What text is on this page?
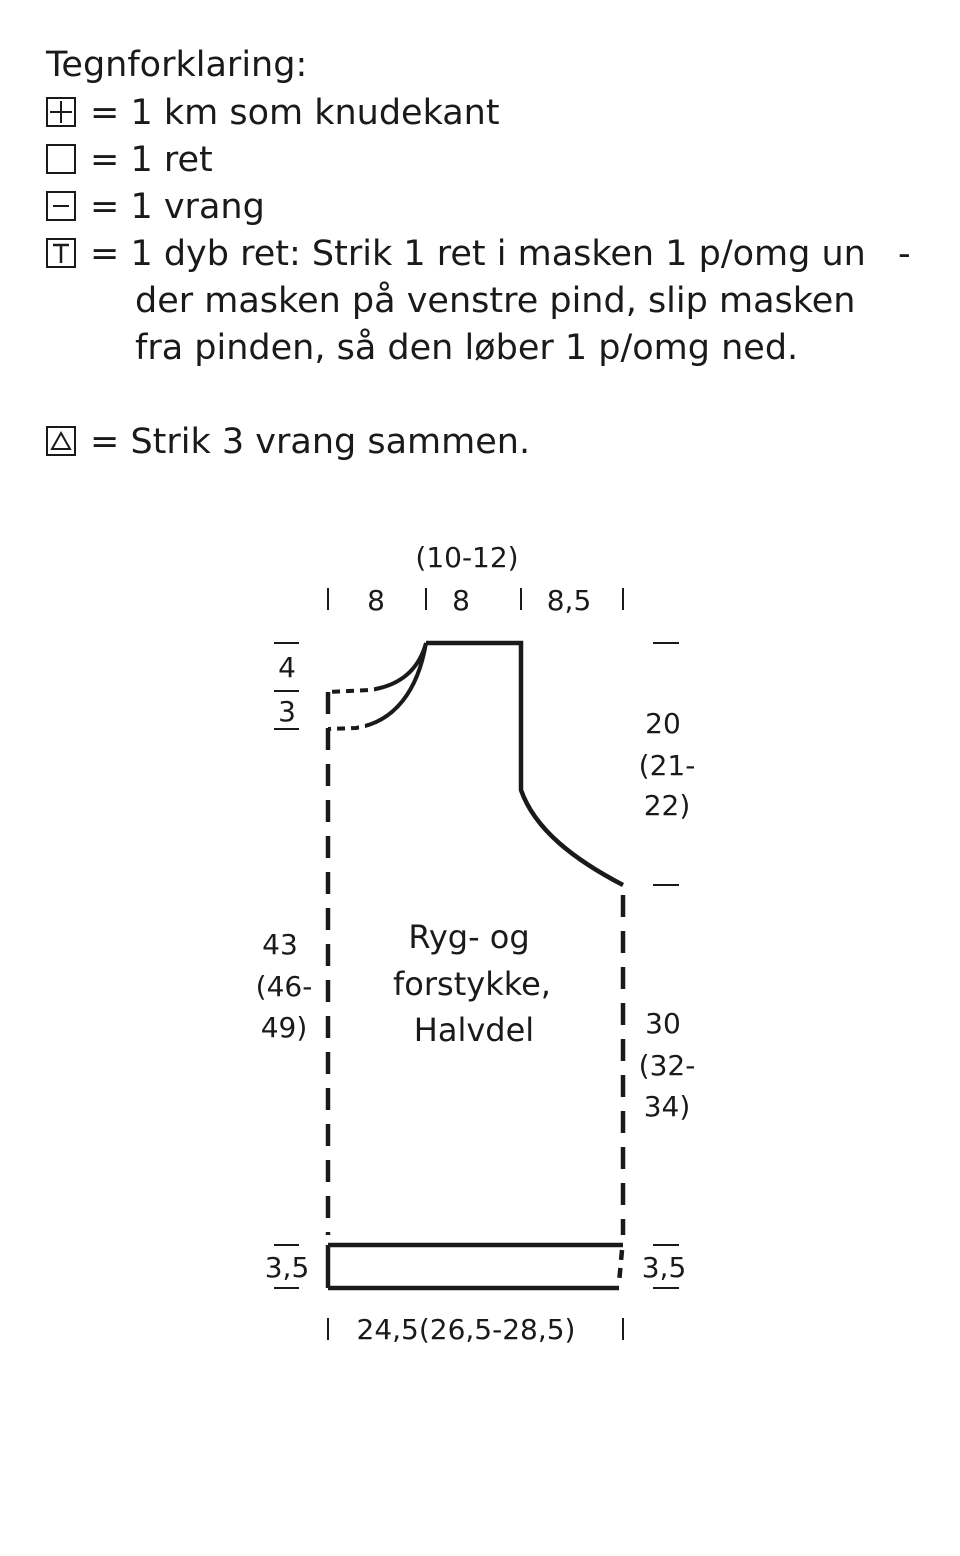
Tegnforklaring:
= 1 km som knudekant
= 1 ret
= 1 vrang
= 1 dyb ret: Strik 1 ret i masken 1 p/omg un -
der masken på venstre pind, slip masken
fra pinden, så den løber 1 p/omg ned.
= Strik 3 vrang sammen.
(10-12)
8 8	8,5
4
3	20
(21-
22)
43
(46-
49)
Ryg- og
forstykke,
Halvdel	30
(32-
34)
3,5	3,5
24,5(26,5-28,5)
